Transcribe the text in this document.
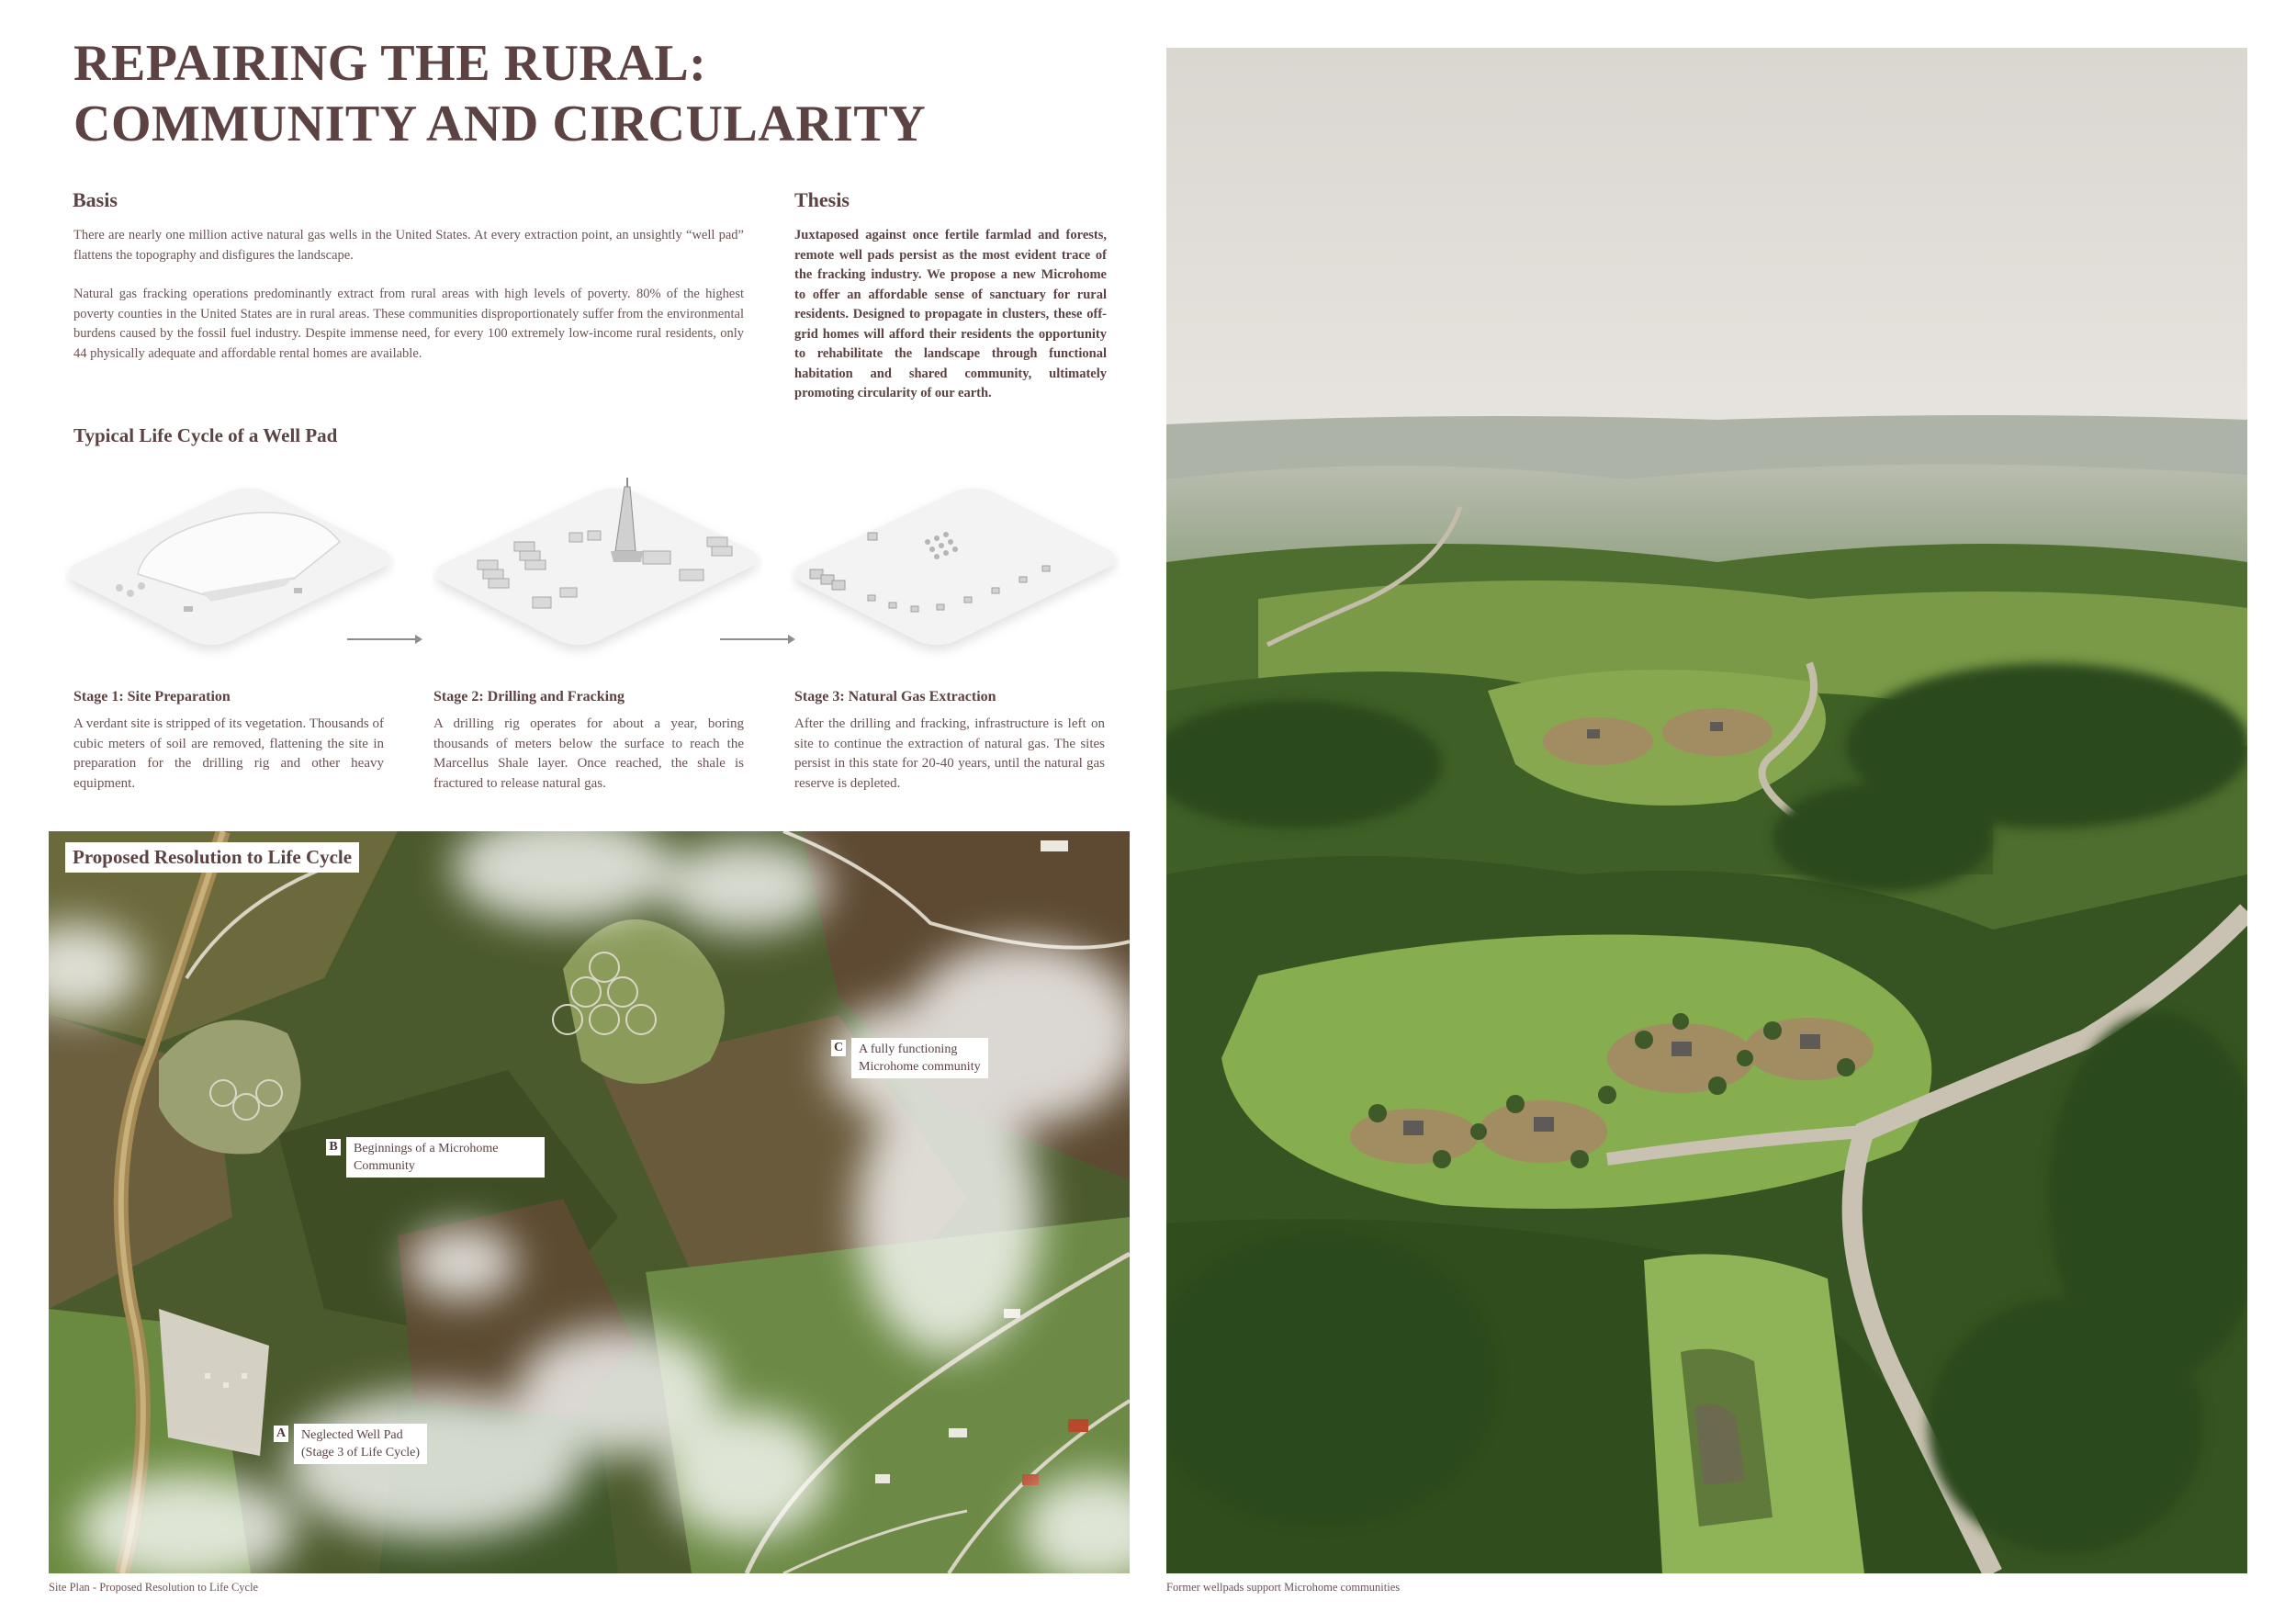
REPAIRING THE RURAL:
COMMUNITY AND CIRCULARITY
Basis

There are nearly one million active natural gas wells in the United States. At every extraction point, an unsightly “well pad” flattens the topography and disfigures the landscape.

Natural gas fracking operations predominantly extract from rural areas with high levels of poverty. 80% of the highest poverty counties in the United States are in rural areas. These communities disproportionately suffer from the environmental burdens caused by the fossil fuel industry. Despite immense need, for every 100 extremely low-income rural residents, only 44 physically adequate and affordable rental homes are available.

Thesis

Juxtaposed against once fertile farmlad and forests, remote well pads persist as the most evident trace of the fracking industry. We propose a new Microhome to offer an affordable sense of sanctuary for rural residents. Designed to propagate in clusters, these off-grid homes will afford their residents the opportunity to rehabilitate the landscape through functional habitation and shared community, ultimately promoting circularity of our earth.

Typical Life Cycle of a Well Pad
Stage 1: Site Preparation

A verdant site is stripped of its vegetation. Thousands of cubic meters of soil are removed, flattening the site in preparation for the drilling rig and other heavy equipment.

Stage 2: Drilling and Fracking

A drilling rig operates for about a year, boring thousands of meters below the surface to reach the Marcellus Shale layer. Once reached, the shale is fractured to release natural gas.

Stage 3: Natural Gas Extraction

After the drilling and fracking, infrastructure is left on site to continue the extraction of natural gas. The sites persist in this state for 20-40 years, until the natural gas reserve is depleted.

Proposed Resolution to Life Cycle
A Neglected Well Pad
(Stage 3 of Life Cycle)
B Beginnings of a Microhome
Community
C A fully functioning
Microhome community
Site Plan - Proposed Resolution to Life Cycle	Former wellpads support Microhome communities
